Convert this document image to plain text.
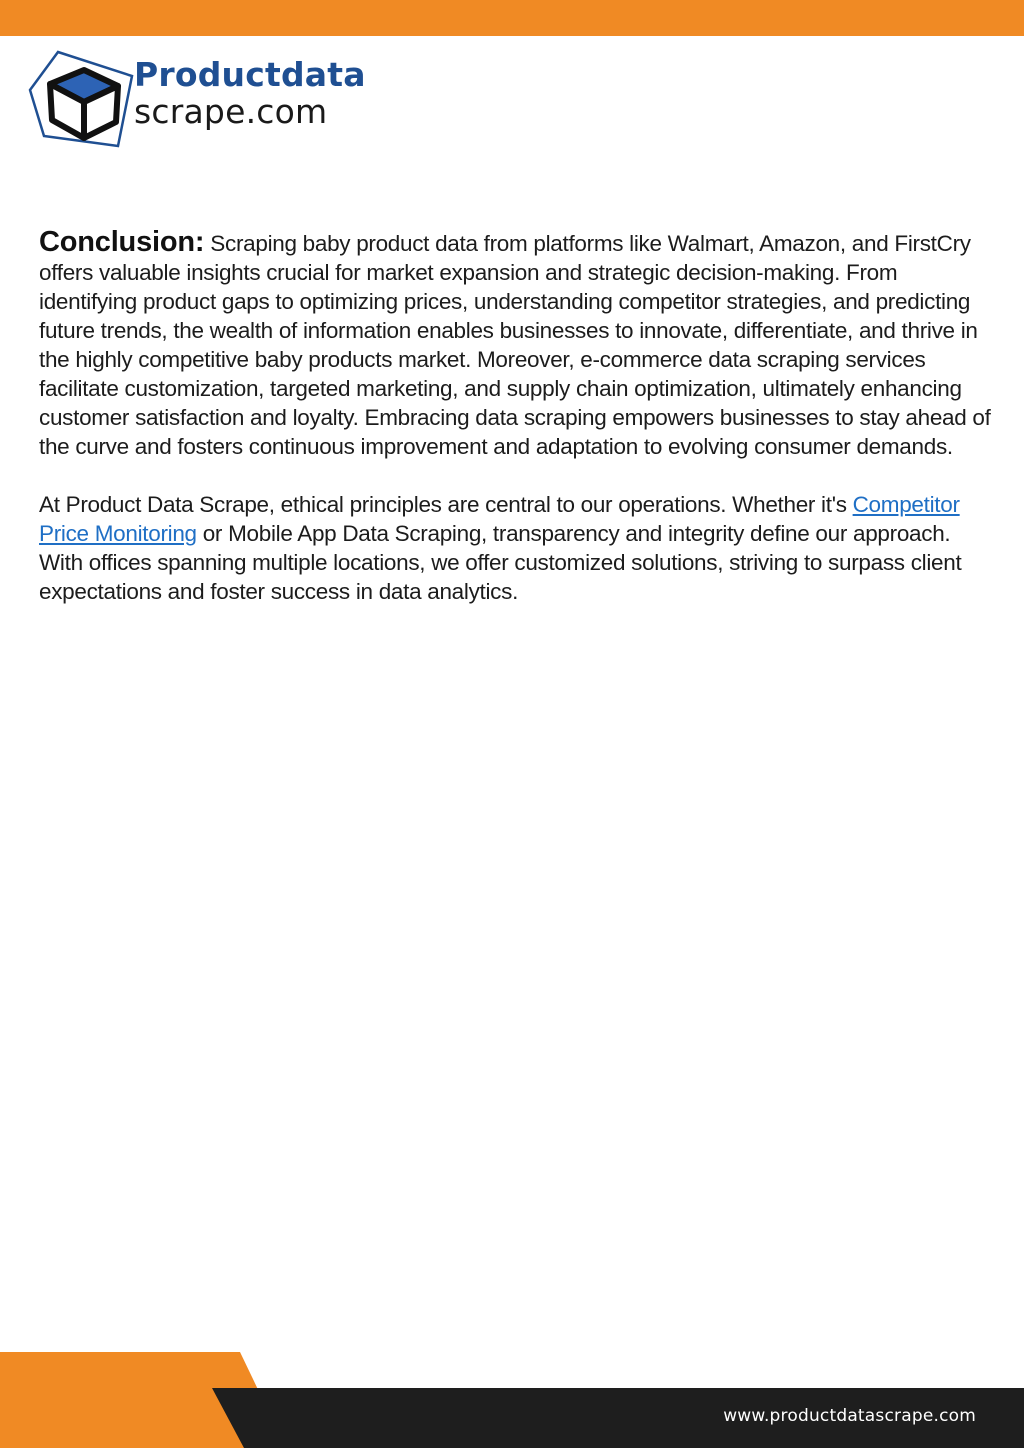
Productdata
scrape.com

Conclusion: Scraping baby product data from platforms like Walmart, Amazon, and FirstCry offers valuable insights crucial for market expansion and strategic decision-making. From identifying product gaps to optimizing prices, understanding competitor strategies, and predicting future trends, the wealth of information enables businesses to innovate, differentiate, and thrive in the highly competitive baby products market. Moreover, e-commerce data scraping services facilitate customization, targeted marketing, and supply chain optimization, ultimately enhancing customer satisfaction and loyalty. Embracing data scraping empowers businesses to stay ahead of the curve and fosters continuous improvement and adaptation to evolving consumer demands.

At Product Data Scrape, ethical principles are central to our operations. Whether it's Competitor Price Monitoring or Mobile App Data Scraping, transparency and integrity define our approach. With offices spanning multiple locations, we offer customized solutions, striving to surpass client expectations and foster success in data analytics.

www.productdatascrape.com
